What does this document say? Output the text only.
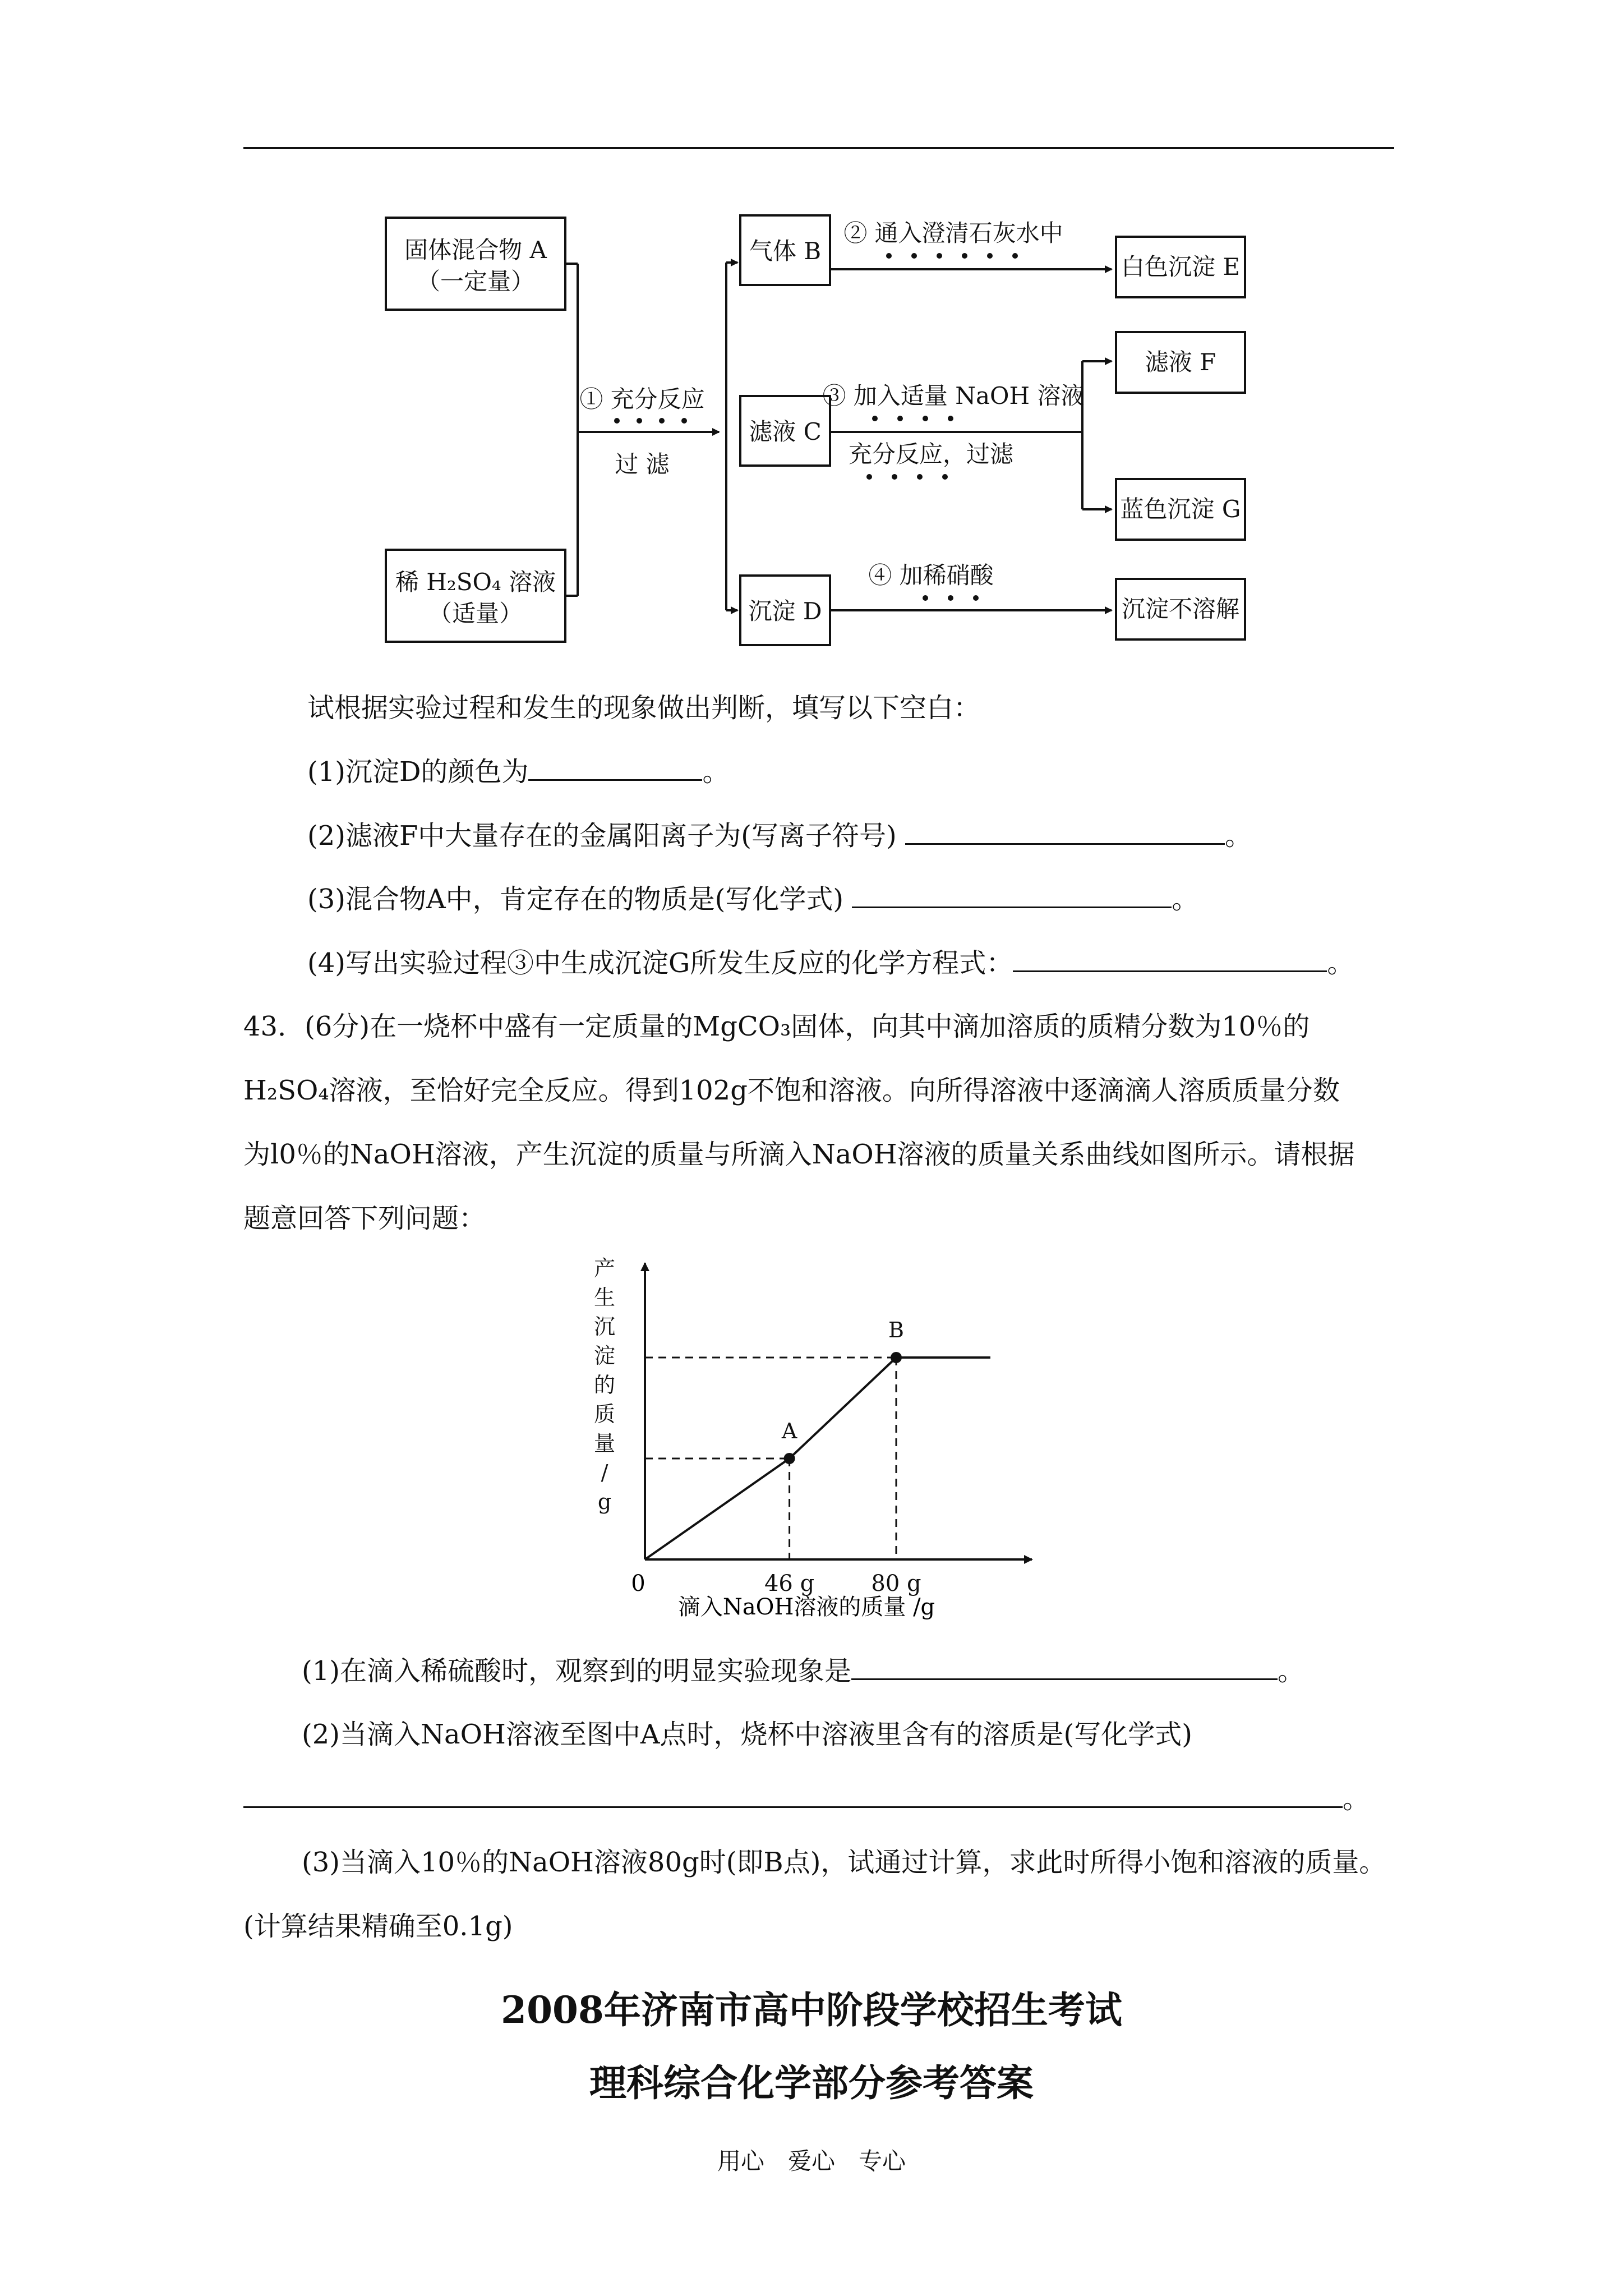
固体混合物 A
（一定量）
稀 H₂SO₄ 溶液
（适量）
① 充分反应
过 滤
气体 B
滤液 C
沉淀 D
白色沉淀 E
滤液 F
蓝色沉淀 G
沉淀不溶解
② 通入澄清石灰水中
③ 加入适量 NaOH 溶液
充分反应，过滤
④ 加稀硝酸
试根据实验过程和发生的现象做出判断，填写以下空白：
(1)沉淀D的颜色为	。
(2)滤液F中大量存在的金属阳离子为(写离子符号)	。
(3)混合物A中，肯定存在的物质是(写化学式)	。
(4)写出实验过程③中生成沉淀G所发生反应的化学方程式：	。
43．(6分)在一烧杯中盛有一定质量的MgCO₃固体，向其中滴加溶质的质精分数为10％的
H₂SO₄溶液，至恰好完全反应。得到102g不饱和溶液。向所得溶液中逐滴滴人溶质质量分数
为l0％的NaOH溶液，产生沉淀的质量与所滴入NaOH溶液的质量关系曲线如图所示。请根据
题意回答下列问题：
产
生
沉
淀
的
质
量
/
g
A
46 g
B
80 g
0
滴入NaOH溶液的质量 /g
(1)在滴入稀硫酸时，观察到的明显实验现象是	。
(2)当滴入NaOH溶液至图中A点时，烧杯中溶液里含有的溶质是(写化学式)
。
(3)当滴入10％的NaOH溶液80g时(即B点)，试通过计算，求此时所得小饱和溶液的质量。
(计算结果精确至0.1g)
2008年济南市高中阶段学校招生考试
理科综合化学部分参考答案
用心　爱心　专心
